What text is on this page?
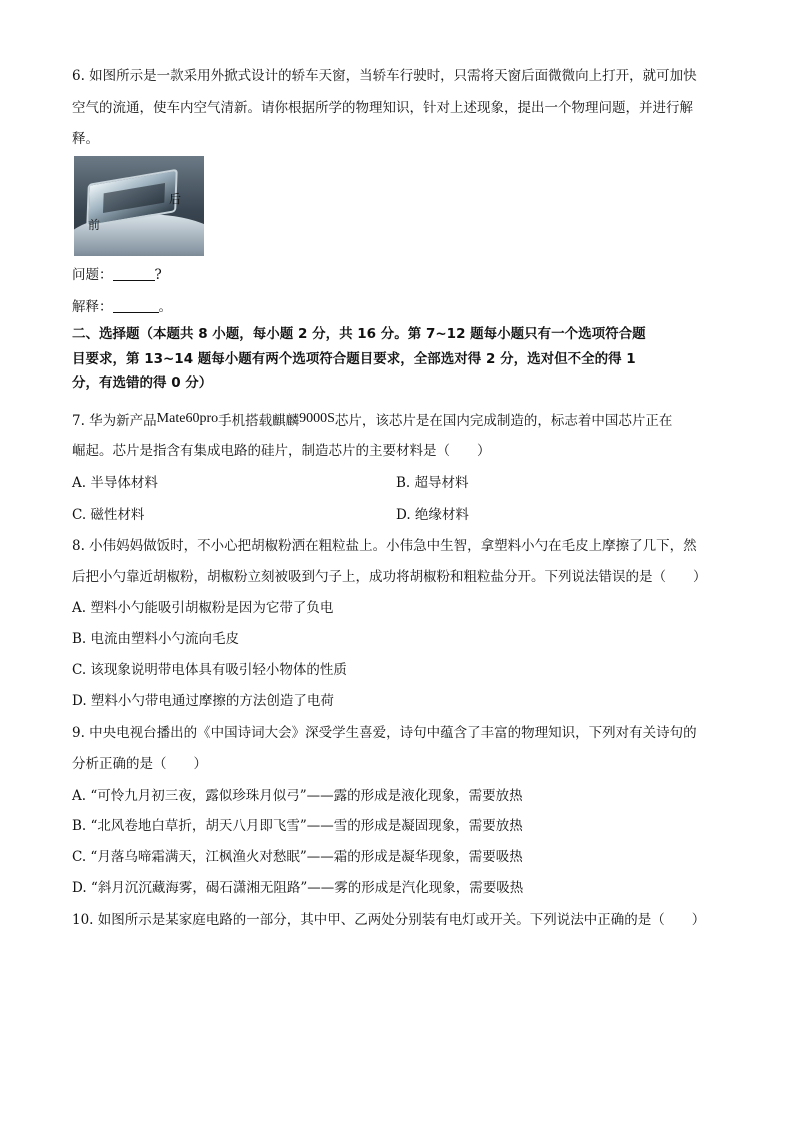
6. 如图所示是一款采用外掀式设计的轿车天窗，当轿车行驶时，只需将天窗后面微微向上打开，就可加快
空气的流通，使车内空气清新。请你根据所学的物理知识，针对上述现象，提出一个物理问题，并进行解
释。
后
前
问题：	?
解释：	。
二、选择题（本题共 8 小题，每小题 2 分，共 16 分。第 7~12 题每小题只有一个选项符合题
目要求，第 13~14 题每小题有两个选项符合题目要求，全部选对得 2 分，选对但不全的得 1
分，有选错的得 0 分）
7. 华为新产品Mate60pro手机搭载麒麟9000S芯片，该芯片是在国内完成制造的，标志着中国芯片正在
崛起。芯片是指含有集成电路的硅片，制造芯片的主要材料是（　　）
A. 半导体材料	B. 超导材料
C. 磁性材料	D. 绝缘材料
8. 小伟妈妈做饭时，不小心把胡椒粉洒在粗粒盐上。小伟急中生智，拿塑料小勺在毛皮上摩擦了几下，然
后把小勺靠近胡椒粉，胡椒粉立刻被吸到勺子上，成功将胡椒粉和粗粒盐分开。下列说法错误的是（　　）
A. 塑料小勺能吸引胡椒粉是因为它带了负电
B. 电流由塑料小勺流向毛皮
C. 该现象说明带电体具有吸引轻小物体的性质
D. 塑料小勺带电通过摩擦的方法创造了电荷
9. 中央电视台播出的《中国诗词大会》深受学生喜爱，诗句中蕴含了丰富的物理知识，下列对有关诗句的
分析正确的是（　　）
A. “可怜九月初三夜，露似珍珠月似弓”——露的形成是液化现象，需要放热
B. “北风卷地白草折，胡天八月即飞雪”——雪的形成是凝固现象，需要放热
C. “月落乌啼霜满天，江枫渔火对愁眠”——霜的形成是凝华现象，需要吸热
D. “斜月沉沉藏海雾，碣石潇湘无阻路”——雾的形成是汽化现象，需要吸热
10. 如图所示是某家庭电路的一部分，其中甲、乙两处分别装有电灯或开关。下列说法中正确的是（　　）
